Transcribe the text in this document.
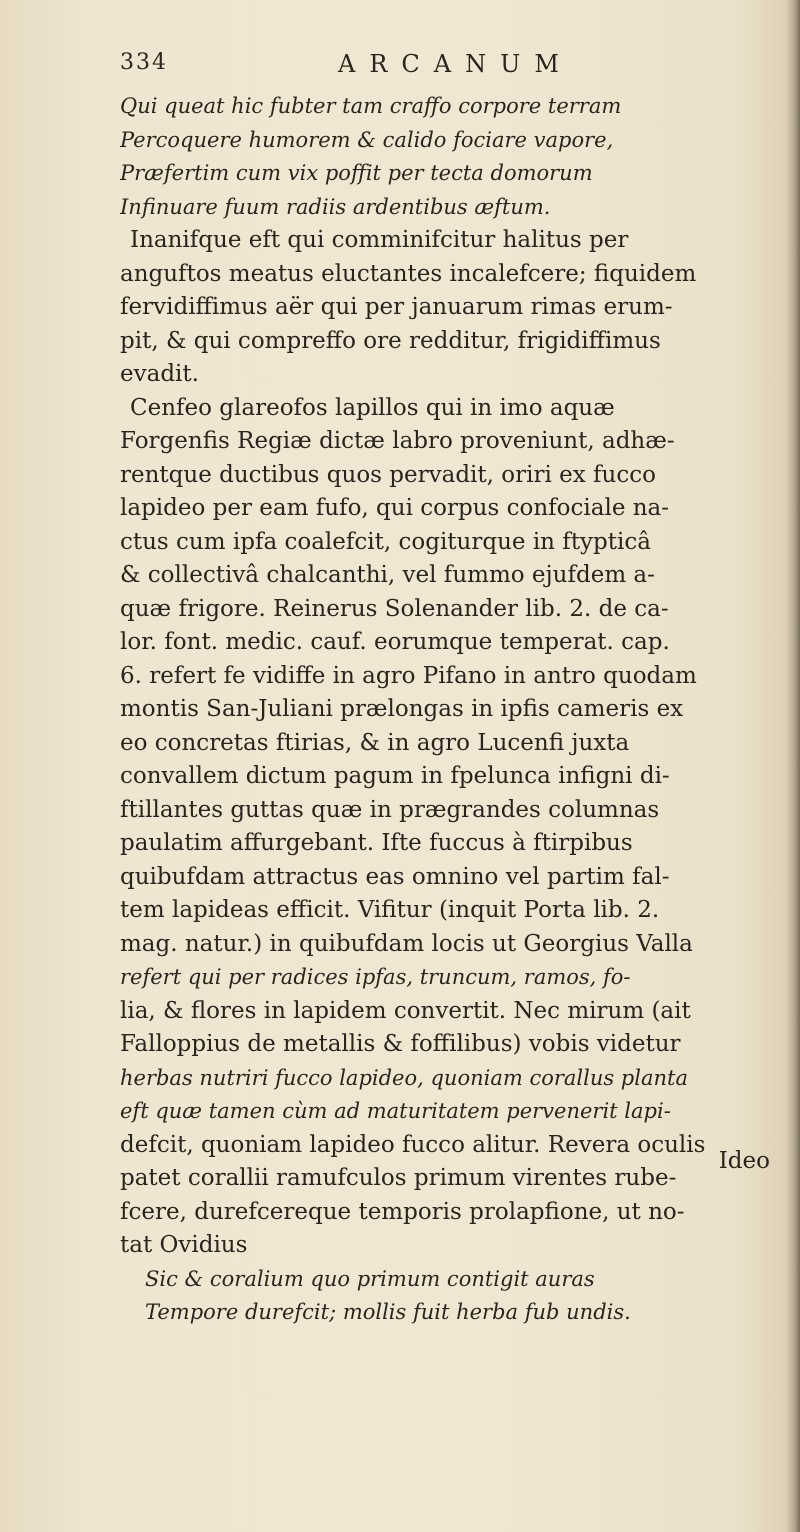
334	ARCANUM
Qui queat hic fubter tam craffo corpore terram
Percoquere humorem & calido fociare vapore,
Præfertim cum vix poffit per tecta domorum
Infinuare fuum radiis ardentibus æftum.
Inanifque eft qui comminifcitur halitus per
anguftos meatus eluctantes incalefcere; fiquidem
fervidiffimus aër qui per januarum rimas erum-
pit, & qui compreffo ore redditur, frigidiffimus
evadit.
Cenfeo glareofos lapillos qui in imo aquæ
Forgenfis Regiæ dictæ labro proveniunt, adhæ-
rentque ductibus quos pervadit, oriri ex fucco
lapideo per eam fufo, qui corpus confociale na-
ctus cum ipfa coalefcit, cogiturque in ftypticâ
& collectivâ chalcanthi, vel fummo ejufdem a-
quæ frigore. Reinerus Solenander lib. 2. de ca-
lor. font. medic. cauf. eorumque temperat. cap.
6. refert fe vidiffe in agro Pifano in antro quodam
montis San-Juliani prælongas in ipfis cameris ex
eo concretas ftirias, & in agro Lucenfi juxta
convallem dictum pagum in fpelunca infigni di-
ftillantes guttas quæ in prægrandes columnas
paulatim affurgebant. Ifte fuccus à ftirpibus
quibufdam attractus eas omnino vel partim fal-
tem lapideas efficit. Vifitur (inquit Porta lib. 2.
mag. natur.) in quibufdam locis ut Georgius Valla
refert qui per radices ipfas, truncum, ramos, fo-
lia, & flores in lapidem convertit. Nec mirum (ait
Falloppius de metallis & foffilibus) vobis videtur
herbas nutriri fucco lapideo, quoniam corallus planta
eft quæ tamen cùm ad maturitatem pervenerit lapi-
defcit, quoniam lapideo fucco alitur. Revera oculis
patet corallii ramufculos primum virentes rube-
fcere, durefcereque temporis prolapfione, ut no-
tat Ovidius
Sic & coralium quo primum contigit auras
Tempore durefcit; mollis fuit herba fub undis.
Ideo
